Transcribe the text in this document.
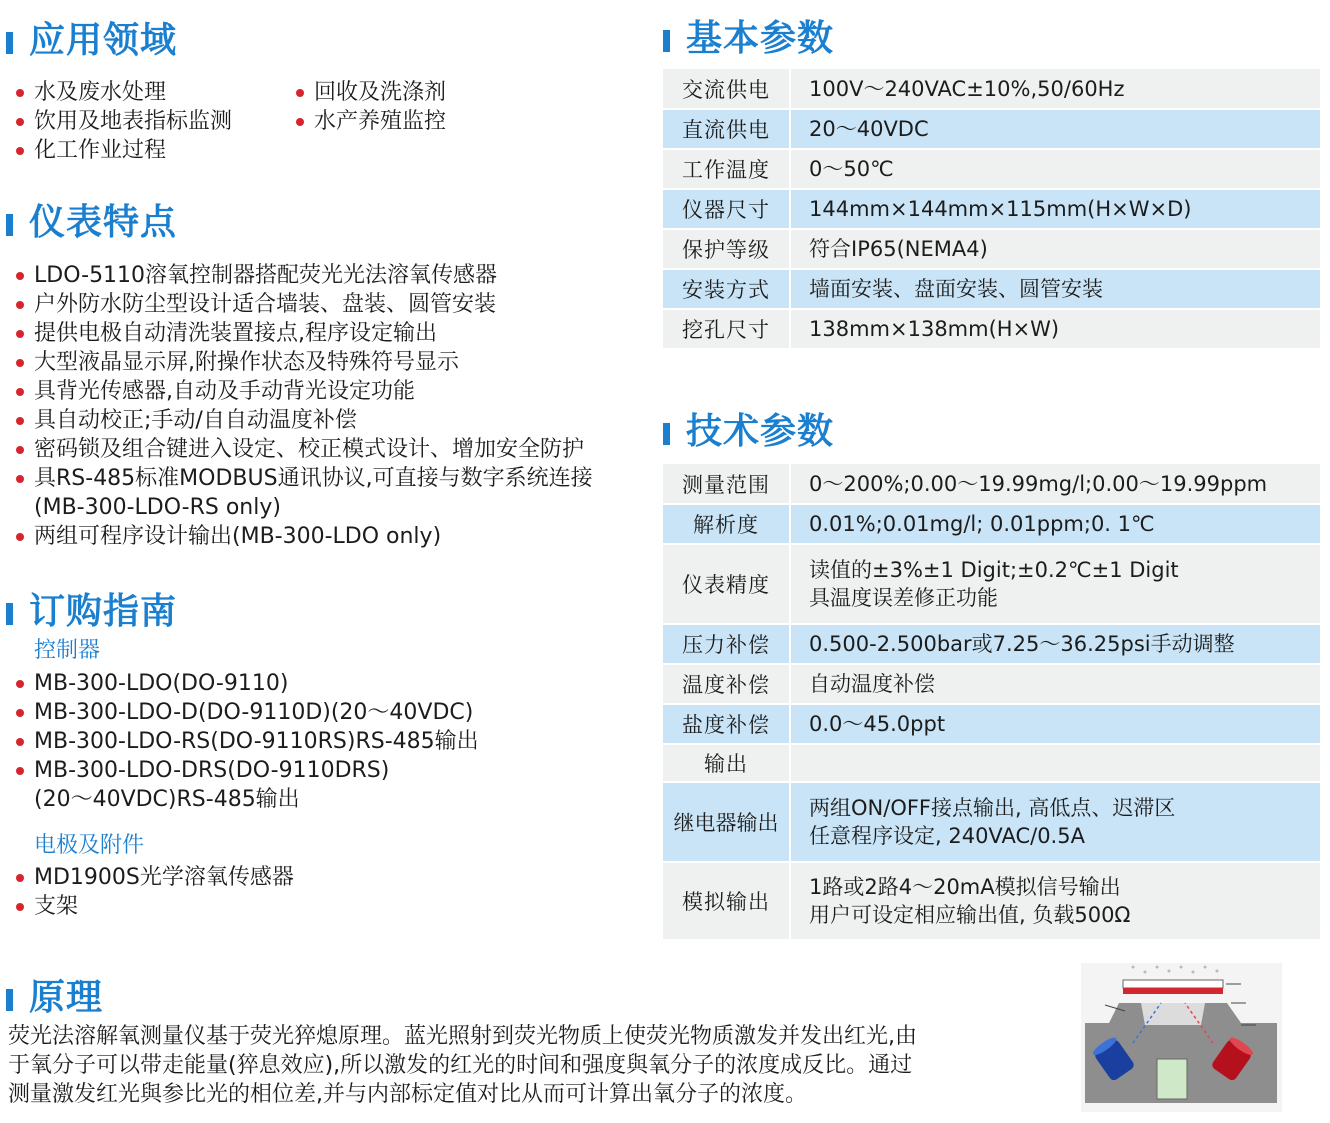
应用领域
水及废水处理
饮用及地表指标监测
化工作业过程
回收及洗涤剂
水产养殖监控
仪表特点
LDO-5110溶氧控制器搭配荧光光法溶氧传感器
户外防水防尘型设计适合墙装、盘装、圆管安装
提供电极自动清洗装置接点,程序设定输出
大型液晶显示屏,附操作状态及特殊符号显示
具背光传感器,自动及手动背光设定功能
具自动校正;手动/自自动温度补偿
密码锁及组合键进入设定、校正模式设计、增加安全防护
具RS-485标准MODBUS通讯协议,可直接与数字系统连接
(MB-300-LDO-RS only)
两组可程序设计输出(MB-300-LDO only)
订购指南
控制器
MB-300-LDO(DO-9110)
MB-300-LDO-D(DO-9110D)(20～40VDC)
MB-300-LDO-RS(DO-9110RS)RS-485输出
MB-300-LDO-DRS(DO-9110DRS)
(20～40VDC)RS-485输出
电极及附件
MD1900S光学溶氧传感器
支架
基本参数
交流供电	100V～240VAC±10%,50/60Hz
直流供电	20～40VDC
工作温度	0～50℃
仪器尺寸	144mm×144mm×115mm(H×W×D)
保护等级	符合IP65(NEMA4)
安装方式	墙面安装、盘面安装、圆管安装
挖孔尺寸	138mm×138mm(H×W)
技术参数
测量范围	0～200%;0.00～19.99mg/l;0.00～19.99ppm

解析度	0.01%;0.01mg/l; 0.01ppm;0. 1℃

仪表精度	读值的±3%±1 Digit;±0.2℃±1 Digit
具温度误差修正功能

压力补偿	0.500-2.500bar或7.25～36.25psi手动调整

温度补偿	自动温度补偿

盐度补偿	0.0～45.0ppt

输出	

继电器输出	两组ON/OFF接点输出, 高低点、迟滞区
任意程序设定, 240VAC/0.5A

模拟输出	1路或2路4～20mA模拟信号输出
用户可设定相应输出值, 负载500Ω
原理
荧光法溶解氧测量仪基于荧光猝熄原理。蓝光照射到荧光物质上使荧光物质激发并发出红光,由
于氧分子可以带走能量(猝息效应),所以激发的红光的时间和强度與氧分子的浓度成反比。通过
测量激发红光與参比光的相位差,并与内部标定值对比从而可计算出氧分子的浓度。
